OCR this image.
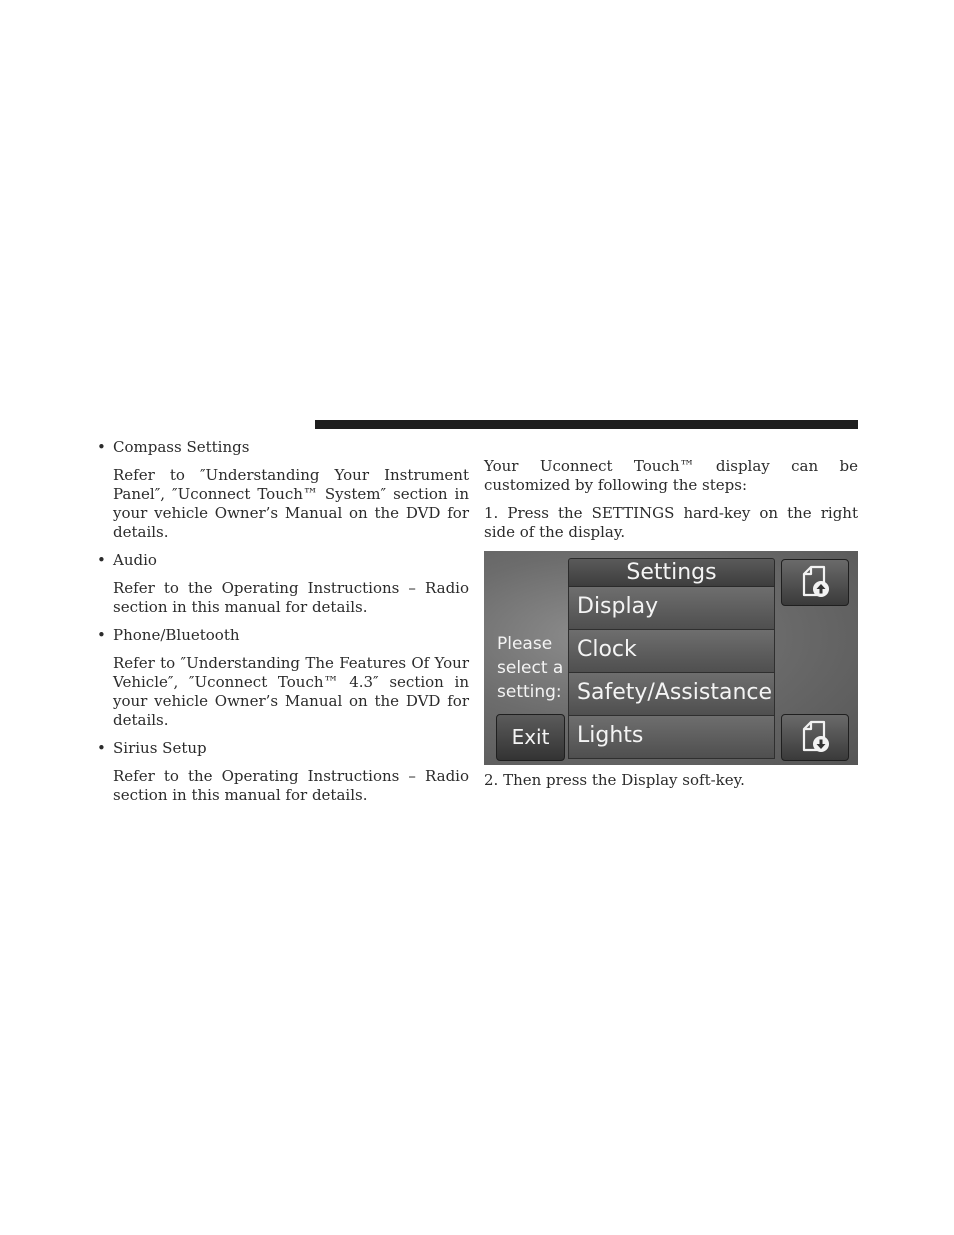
• Compass Settings

Refer to ″Understanding Your Instrument Panel″, ″Uconnect Touch™ System″ section in your vehicle Owner’s Manual on the DVD for details.

• Audio

Refer to the Operating Instructions – Radio section in this manual for details.

• Phone/Bluetooth

Refer to ″Understanding The Features Of Your Vehicle″, ″Uconnect Touch™ 4.3″ section in your vehicle Owner’s Manual on the DVD for details.

• Sirius Setup

Refer to the Operating Instructions – Radio section in this manual for details.

Your Uconnect Touch™ display can be customized by following the steps:

1. Press the SETTINGS hard-key on the right side of the display.

Settings
Display
Clock
Safety/Assistance
Lights
Please
select a
setting:
Exit

2. Then press the Display soft-key.
